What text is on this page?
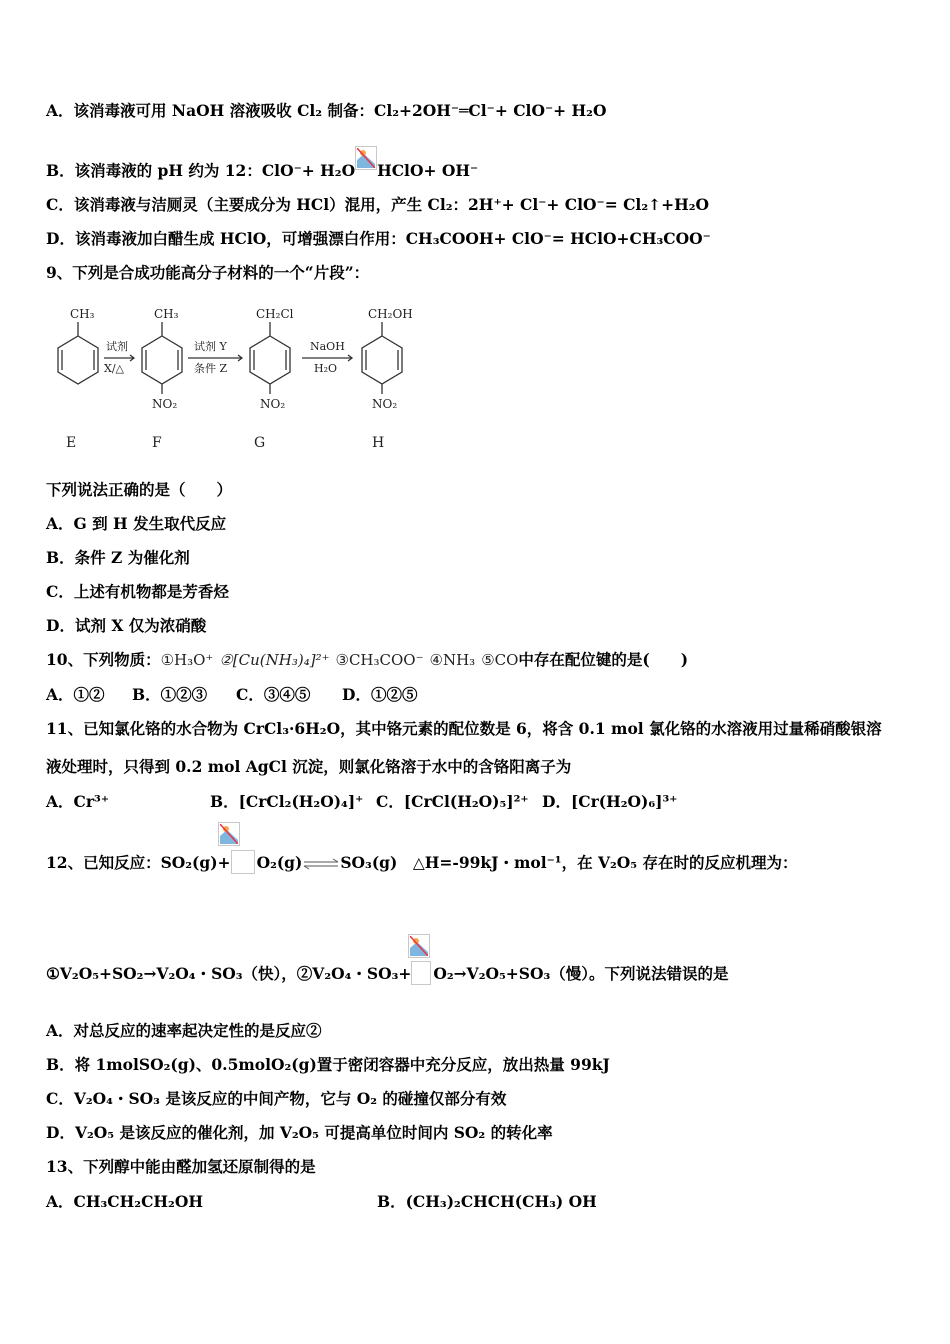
A．该消毒液可用 NaOH 溶液吸收 Cl₂ 制备：Cl₂+2OH⁻═Cl⁻+ ClO⁻+ H₂O
B．该消毒液的 pH 约为 12：ClO⁻+ H₂O HClO+ OH⁻
C．该消毒液与洁厕灵（主要成分为 HCl）混用，产生 Cl₂：2H⁺+ Cl⁻+ ClO⁻= Cl₂↑+H₂O
D．该消毒液加白醋生成 HClO，可增强漂白作用：CH₃COOH+ ClO⁻= HClO+CH₃COO⁻
9、下列是合成功能高分子材料的一个“片段”：
CH₃	CH₃	CH₂Cl	CH₂OH
NO₂	NO₂	NO₂
试剂
X/△
试剂 Y
条件 Z
NaOH
H₂O
E	F	G	H
下列说法正确的是（　　）
A．G 到 H 发生取代反应
B．条件 Z 为催化剂
C．上述有机物都是芳香烃
D．试剂 X 仅为浓硝酸
10、下列物质：①H₃O⁺ ②[Cu(NH₃)₄]²⁺ ③CH₃COO⁻ ④NH₃ ⑤CO中存在配位键的是(　　)
A．①② B．①②③ C．③④⑤ D．①②⑤
11、已知氯化铬的水合物为 CrCl₃·6H₂O，其中铬元素的配位数是 6，将含 0.1 mol 氯化铬的水溶液用过量稀硝酸银溶
液处理时，只得到 0.2 mol AgCl 沉淀，则氯化铬溶于水中的含铬阳离子为
A．Cr³⁺	B．[CrCl₂(H₂O)₄]⁺ C．[CrCl(H₂O)₅]²⁺ D．[Cr(H₂O)₆]³⁺
12、已知反应：SO₂(g)+ O₂(g)⇌SO₃(g)　△H=-99kJ・mol⁻¹，在 V₂O₅ 存在时的反应机理为：
①V₂O₅+SO₂→V₂O₄・SO₃（快），②V₂O₄・SO₃+ O₂→V₂O₅+SO₃（慢）。下列说法错误的是
A．对总反应的速率起决定性的是反应②
B．将 1molSO₂(g)、0.5molO₂(g)置于密闭容器中充分反应，放出热量 99kJ
C．V₂O₄・SO₃ 是该反应的中间产物，它与 O₂ 的碰撞仅部分有效
D．V₂O₅ 是该反应的催化剂，加 V₂O₅ 可提高单位时间内 SO₂ 的转化率
13、下列醇中能由醛加氢还原制得的是
A．CH₃CH₂CH₂OH	B．(CH₃)₂CHCH(CH₃) OH
